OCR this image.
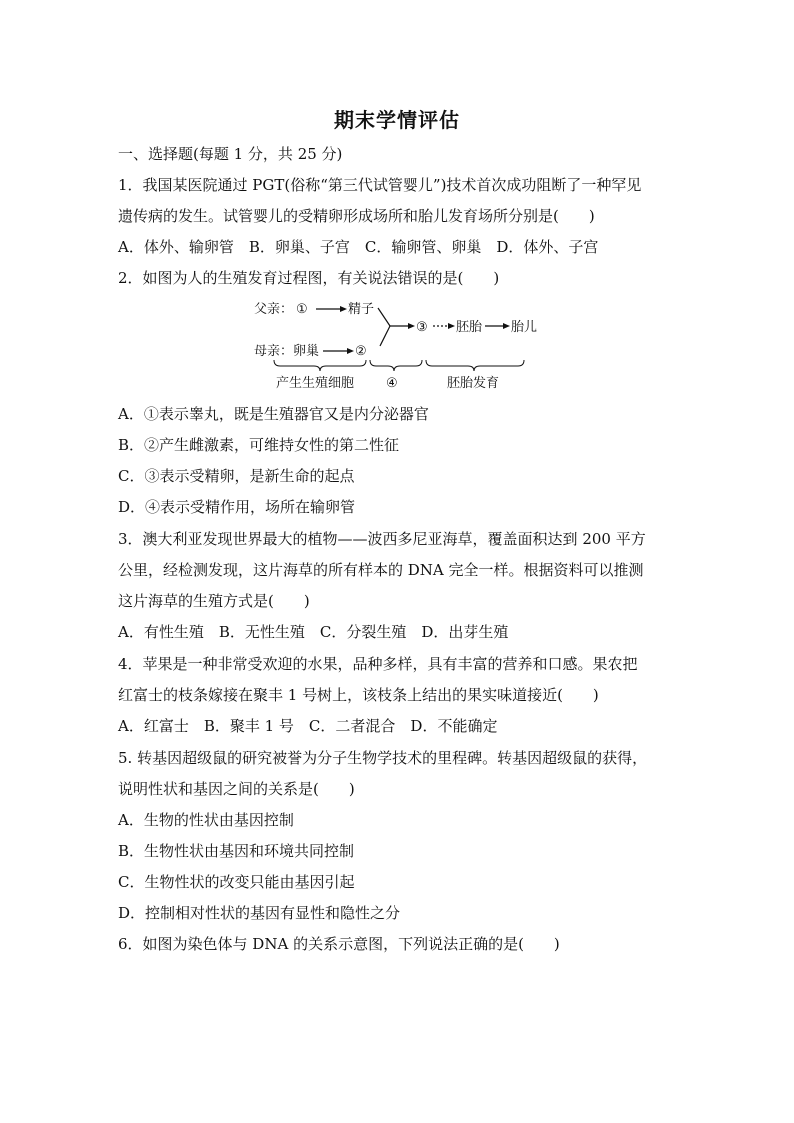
期末学情评估
一、选择题(每题 1 分，共 25 分)
1．我国某医院通过 PGT(俗称“第三代试管婴儿”)技术首次成功阻断了一种罕见
遗传病的发生。试管婴儿的受精卵形成场所和胎儿发育场所分别是(　　)
A．体外、输卵管　B．卵巢、子宫　C．输卵管、卵巢　D．体外、子宫
2．如图为人的生殖发育过程图，有关说法错误的是(　　)
父亲： ①	精子
母亲：卵巢	②
③ 胚胎 胎儿
产生生殖细胞 ④	胚胎发育
A．①表示睾丸，既是生殖器官又是内分泌器官
B．②产生雌激素，可维持女性的第二性征
C．③表示受精卵，是新生命的起点
D．④表示受精作用，场所在输卵管
3．澳大利亚发现世界最大的植物——波西多尼亚海草，覆盖面积达到 200 平方
公里，经检测发现，这片海草的所有样本的 DNA 完全一样。根据资料可以推测
这片海草的生殖方式是(　　)
A．有性生殖　B．无性生殖　C．分裂生殖　D．出芽生殖
4．苹果是一种非常受欢迎的水果，品种多样，具有丰富的营养和口感。果农把
红富士的枝条嫁接在聚丰 1 号树上，该枝条上结出的果实味道接近(　　)
A．红富士　B．聚丰 1 号　C．二者混合　D．不能确定
5. 转基因超级鼠的研究被誉为分子生物学技术的里程碑。转基因超级鼠的获得，
说明性状和基因之间的关系是(　　)
A．生物的性状由基因控制
B．生物性状由基因和环境共同控制
C．生物性状的改变只能由基因引起
D．控制相对性状的基因有显性和隐性之分
6．如图为染色体与 DNA 的关系示意图，下列说法正确的是(　　)
